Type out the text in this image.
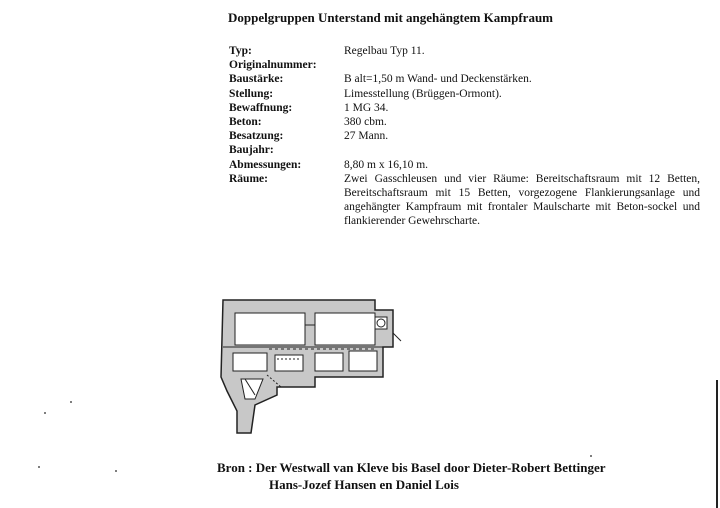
Doppelgruppen Unterstand mit angehängtem Kampfraum
Typ:	Regelbau Typ 11.
Originalnummer:
Baustärke:	B alt=1,50 m Wand- und Deckenstärken.
Stellung:	Limesstellung (Brüggen-Ormont).
Bewaffnung:	1 MG 34.
Beton:	380 cbm.
Besatzung:	27 Mann.
Baujahr:
Abmessungen:	8,80 m x 16,10 m.
Räume:	Zwei Gasschleusen und vier Räume: Bereitschaftsraum mit 12 Betten, Bereitschaftsraum mit 15 Betten, vorgezogene Flankierungsanlage und angehängter Kampfraum mit frontaler Maulscharte mit Beton-sockel und flankierender Gewehrscharte.
Bron : Der Westwall van Kleve bis Basel door Dieter-Robert Bettinger
Hans-Jozef Hansen en Daniel Lois
